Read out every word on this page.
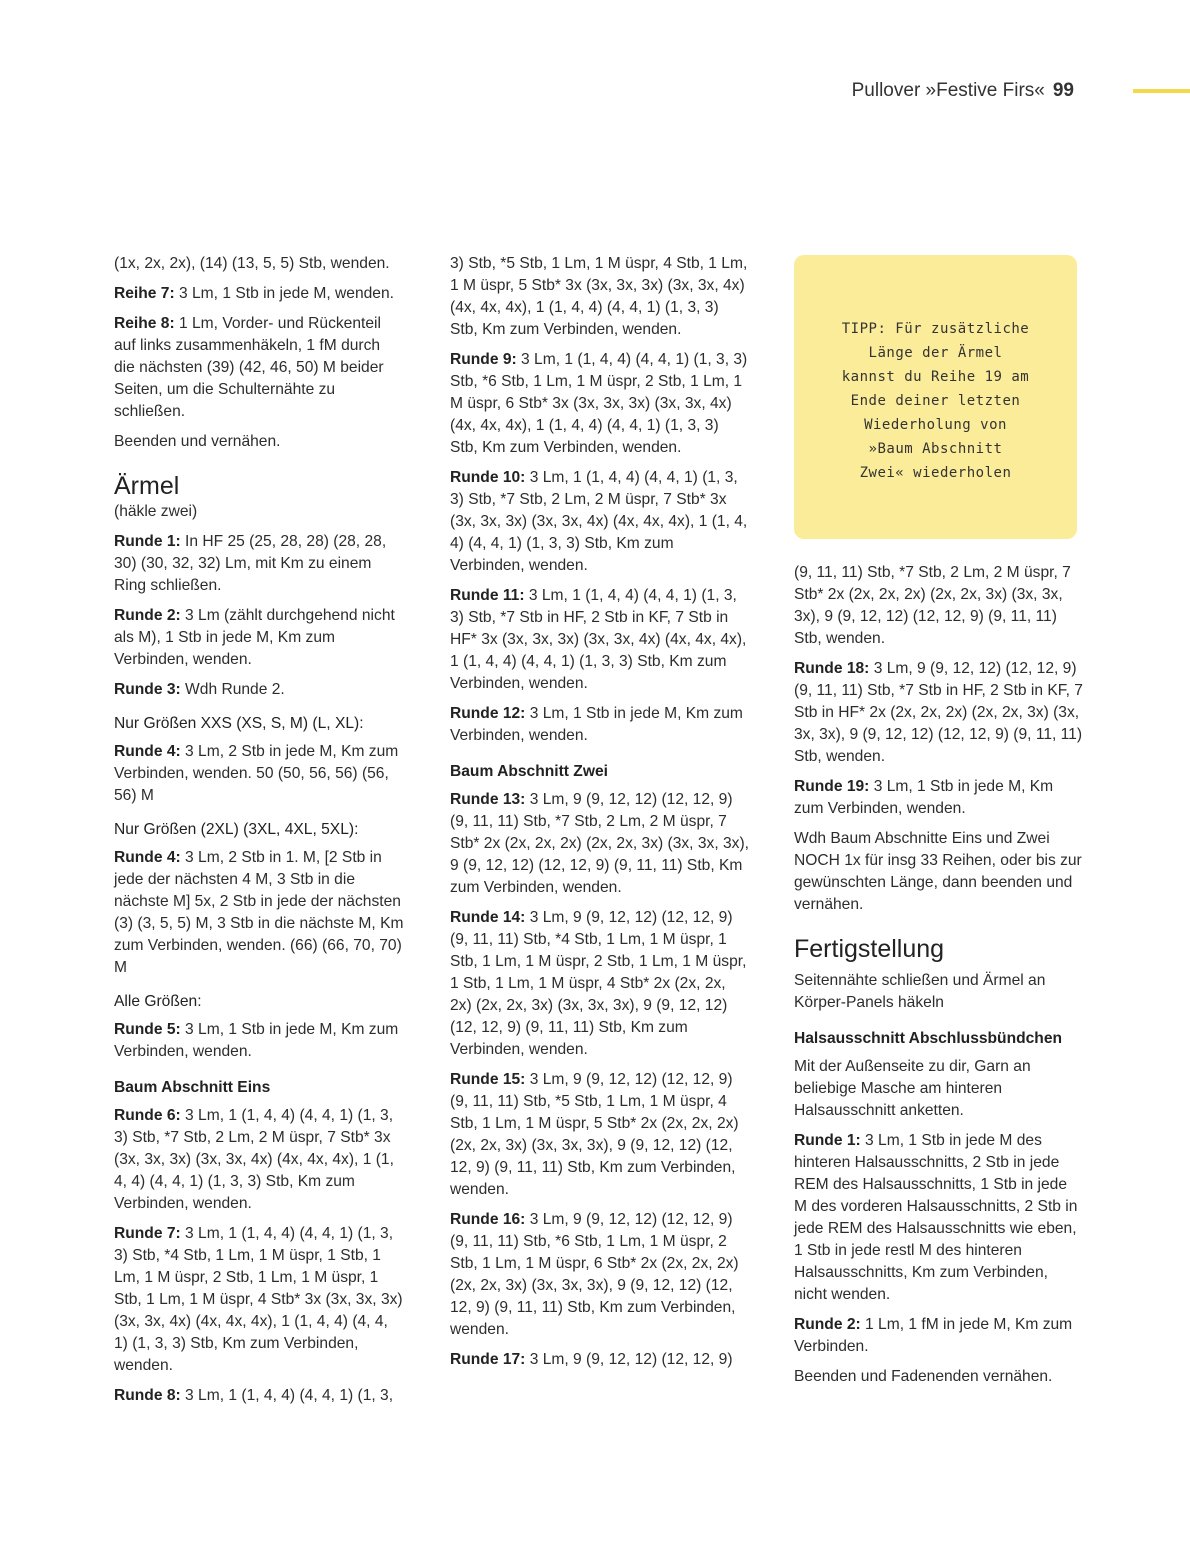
Pullover »Festive Firs« 99

(1x, 2x, 2x), (14) (13, 5, 5) Stb, wenden.

Reihe 7: 3 Lm, 1 Stb in jede M, wenden.

Reihe 8: 1 Lm, Vorder- und Rückenteil auf links zusammenhäkeln, 1 fM durch die nächsten (39) (42, 46, 50) M beider Seiten, um die Schulternähte zu schließen.

Beenden und vernähen.

Ärmel
(häkle zwei)

Runde 1: In HF 25 (25, 28, 28) (28, 28, 30) (30, 32, 32) Lm, mit Km zu einem Ring schließen.

Runde 2: 3 Lm (zählt durchgehend nicht als M), 1 Stb in jede M, Km zum Verbinden, wenden.

Runde 3: Wdh Runde 2.

Nur Größen XXS (XS, S, M) (L, XL):

Runde 4: 3 Lm, 2 Stb in jede M, Km zum Verbinden, wenden. 50 (50, 56, 56) (56, 56) M

Nur Größen (2XL) (3XL, 4XL, 5XL):

Runde 4: 3 Lm, 2 Stb in 1. M, [2 Stb in jede der nächsten 4 M, 3 Stb in die nächste M] 5x, 2 Stb in jede der nächsten (3) (3, 5, 5) M, 3 Stb in die nächste M, Km zum Verbinden, wenden. (66) (66, 70, 70) M

Alle Größen:

Runde 5: 3 Lm, 1 Stb in jede M, Km zum Verbinden, wenden.

Baum Abschnitt Eins

Runde 6: 3 Lm, 1 (1, 4, 4) (4, 4, 1) (1, 3, 3) Stb, *7 Stb, 2 Lm, 2 M üspr, 7 Stb* 3x (3x, 3x, 3x) (3x, 3x, 4x) (4x, 4x, 4x), 1 (1, 4, 4) (4, 4, 1) (1, 3, 3) Stb, Km zum Verbinden, wenden.

Runde 7: 3 Lm, 1 (1, 4, 4) (4, 4, 1) (1, 3, 3) Stb, *4 Stb, 1 Lm, 1 M üspr, 1 Stb, 1 Lm, 1 M üspr, 2 Stb, 1 Lm, 1 M üspr, 1 Stb, 1 Lm, 1 M üspr, 4 Stb* 3x (3x, 3x, 3x) (3x, 3x, 4x) (4x, 4x, 4x), 1 (1, 4, 4) (4, 4, 1) (1, 3, 3) Stb, Km zum Verbinden, wenden.

Runde 8: 3 Lm, 1 (1, 4, 4) (4, 4, 1) (1, 3,

3) Stb, *5 Stb, 1 Lm, 1 M üspr, 4 Stb, 1 Lm, 1 M üspr, 5 Stb* 3x (3x, 3x, 3x) (3x, 3x, 4x) (4x, 4x, 4x), 1 (1, 4, 4) (4, 4, 1) (1, 3, 3) Stb, Km zum Verbinden, wenden.

Runde 9: 3 Lm, 1 (1, 4, 4) (4, 4, 1) (1, 3, 3) Stb, *6 Stb, 1 Lm, 1 M üspr, 2 Stb, 1 Lm, 1 M üspr, 6 Stb* 3x (3x, 3x, 3x) (3x, 3x, 4x) (4x, 4x, 4x), 1 (1, 4, 4) (4, 4, 1) (1, 3, 3) Stb, Km zum Verbinden, wenden.

Runde 10: 3 Lm, 1 (1, 4, 4) (4, 4, 1) (1, 3, 3) Stb, *7 Stb, 2 Lm, 2 M üspr, 7 Stb* 3x (3x, 3x, 3x) (3x, 3x, 4x) (4x, 4x, 4x), 1 (1, 4, 4) (4, 4, 1) (1, 3, 3) Stb, Km zum Verbinden, wenden.

Runde 11: 3 Lm, 1 (1, 4, 4) (4, 4, 1) (1, 3, 3) Stb, *7 Stb in HF, 2 Stb in KF, 7 Stb in HF* 3x (3x, 3x, 3x) (3x, 3x, 4x) (4x, 4x, 4x), 1 (1, 4, 4) (4, 4, 1) (1, 3, 3) Stb, Km zum Verbinden, wenden.

Runde 12: 3 Lm, 1 Stb in jede M, Km zum Verbinden, wenden.

Baum Abschnitt Zwei

Runde 13: 3 Lm, 9 (9, 12, 12) (12, 12, 9) (9, 11, 11) Stb, *7 Stb, 2 Lm, 2 M üspr, 7 Stb* 2x (2x, 2x, 2x) (2x, 2x, 3x) (3x, 3x, 3x), 9 (9, 12, 12) (12, 12, 9) (9, 11, 11) Stb, Km zum Verbinden, wenden.

Runde 14: 3 Lm, 9 (9, 12, 12) (12, 12, 9) (9, 11, 11) Stb, *4 Stb, 1 Lm, 1 M üspr, 1 Stb, 1 Lm, 1 M üspr, 2 Stb, 1 Lm, 1 M üspr, 1 Stb, 1 Lm, 1 M üspr, 4 Stb* 2x (2x, 2x, 2x) (2x, 2x, 3x) (3x, 3x, 3x), 9 (9, 12, 12) (12, 12, 9) (9, 11, 11) Stb, Km zum Verbinden, wenden.

Runde 15: 3 Lm, 9 (9, 12, 12) (12, 12, 9) (9, 11, 11) Stb, *5 Stb, 1 Lm, 1 M üspr, 4 Stb, 1 Lm, 1 M üspr, 5 Stb* 2x (2x, 2x, 2x) (2x, 2x, 3x) (3x, 3x, 3x), 9 (9, 12, 12) (12, 12, 9) (9, 11, 11) Stb, Km zum Verbinden, wenden.

Runde 16: 3 Lm, 9 (9, 12, 12) (12, 12, 9) (9, 11, 11) Stb, *6 Stb, 1 Lm, 1 M üspr, 2 Stb, 1 Lm, 1 M üspr, 6 Stb* 2x (2x, 2x, 2x) (2x, 2x, 3x) (3x, 3x, 3x), 9 (9, 12, 12) (12, 12, 9) (9, 11, 11) Stb, Km zum Verbinden, wenden.

Runde 17: 3 Lm, 9 (9, 12, 12) (12, 12, 9)

TIPP: Für zusätzliche
Länge der Ärmel
kannst du Reihe 19 am
Ende deiner letzten
Wiederholung von
»Baum Abschnitt
Zwei« wiederholen

(9, 11, 11) Stb, *7 Stb, 2 Lm, 2 M üspr, 7 Stb* 2x (2x, 2x, 2x) (2x, 2x, 3x) (3x, 3x, 3x), 9 (9, 12, 12) (12, 12, 9) (9, 11, 11) Stb, wenden.

Runde 18: 3 Lm, 9 (9, 12, 12) (12, 12, 9) (9, 11, 11) Stb, *7 Stb in HF, 2 Stb in KF, 7 Stb in HF* 2x (2x, 2x, 2x) (2x, 2x, 3x) (3x, 3x, 3x), 9 (9, 12, 12) (12, 12, 9) (9, 11, 11) Stb, wenden.

Runde 19: 3 Lm, 1 Stb in jede M, Km zum Verbinden, wenden.

Wdh Baum Abschnitte Eins und Zwei NOCH 1x für insg 33 Reihen, oder bis zur gewünschten Länge, dann beenden und vernähen.

Fertigstellung

Seitennähte schließen und Ärmel an Körper-Panels häkeln

Halsausschnitt Abschlussbündchen

Mit der Außenseite zu dir, Garn an beliebige Masche am hinteren Halsausschnitt anketten.

Runde 1: 3 Lm, 1 Stb in jede M des hinteren Halsausschnitts, 2 Stb in jede REM des Halsausschnitts, 1 Stb in jede M des vorderen Halsausschnitts, 2 Stb in jede REM des Halsausschnitts wie eben, 1 Stb in jede restl M des hinteren Halsausschnitts, Km zum Verbinden, nicht wenden.

Runde 2: 1 Lm, 1 fM in jede M, Km zum Verbinden.

Beenden und Fadenenden vernähen.
